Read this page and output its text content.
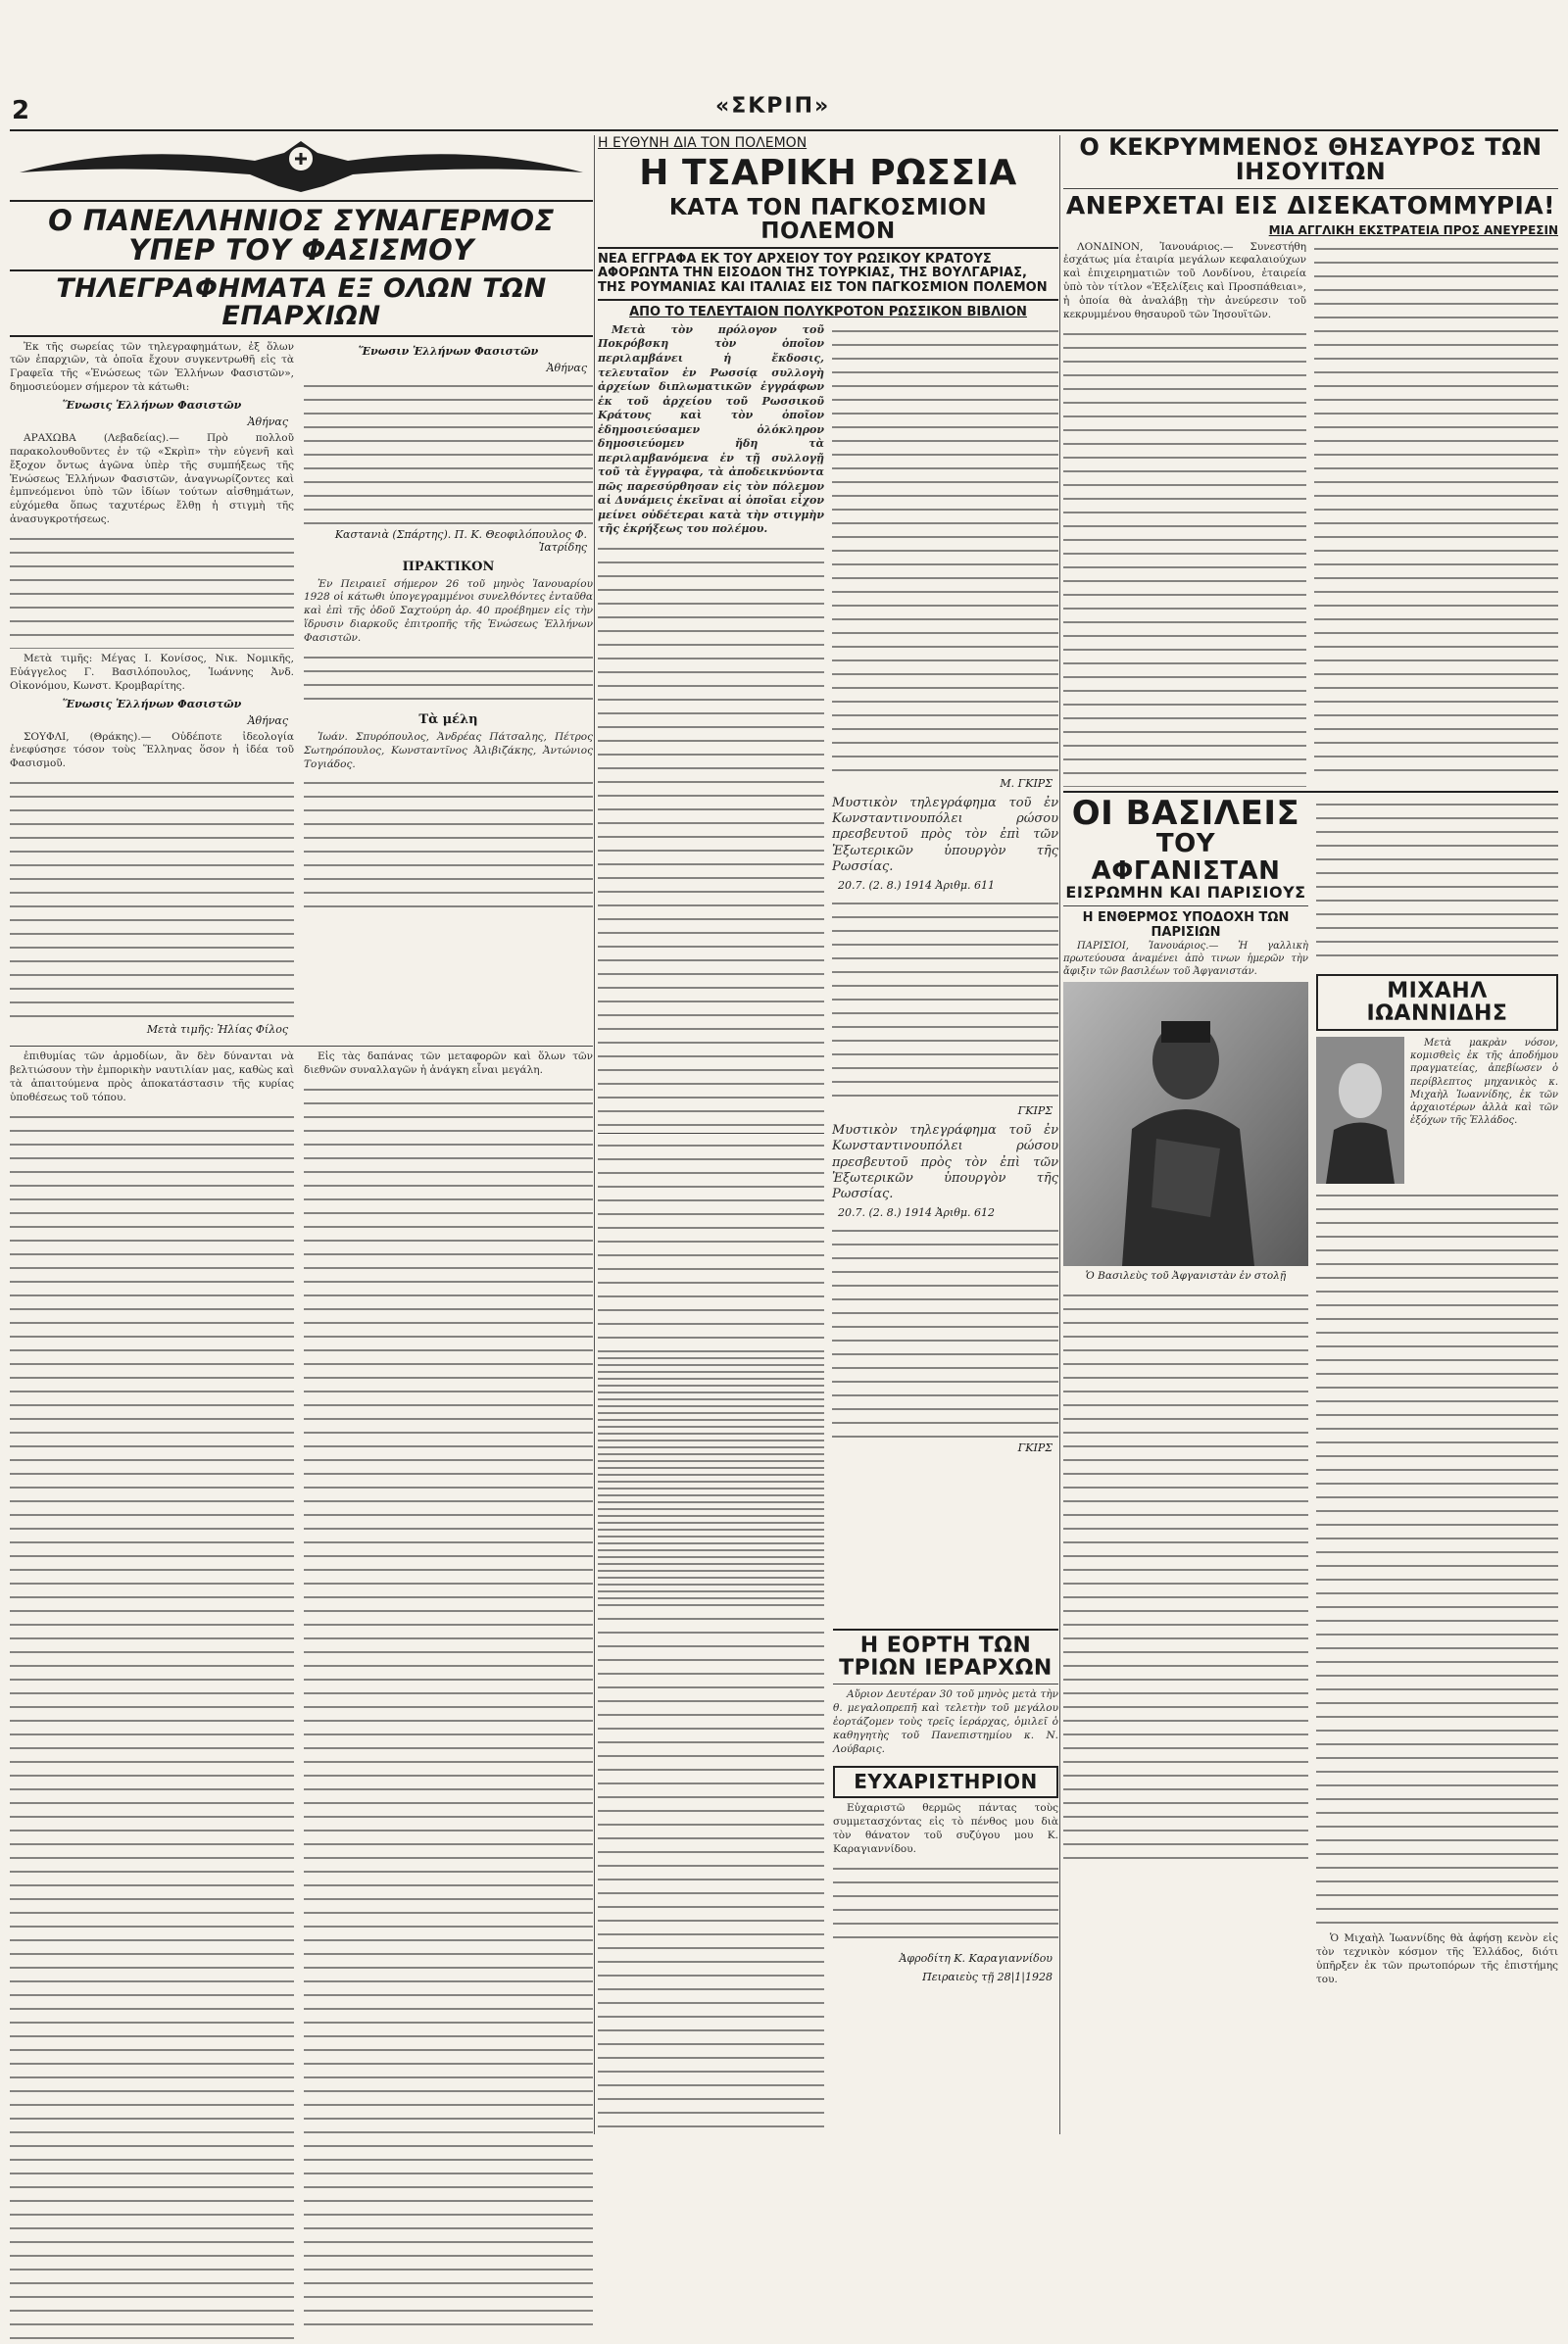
2	«ΣΚΡΙΠ»
Ο ΠΑΝΕΛΛΗΝΙΟΣ ΣΥΝΑΓΕΡΜΟΣ ΥΠΕΡ ΤΟΥ ΦΑΣΙΣΜΟΥ
ΤΗΛΕΓΡΑΦΗΜΑΤΑ ΕΞ ΟΛΩΝ ΤΩΝ ΕΠΑΡΧΙΩΝ

Ἐκ τῆς σωρείας τῶν τηλεγραφημάτων, ἐξ ὅλων τῶν ἐπαρχιῶν, τὰ ὁποῖα ἔχουν συγκεντρωθῆ εἰς τὰ Γραφεῖα τῆς «Ἑνώσεως τῶν Ἑλλήνων Φασιστῶν», δημοσιεύομεν σήμερον τὰ κάτωθι:

Ἕνωσις Ἑλλήνων Φασιστῶν
Ἀθήνας

ΑΡΑΧΩΒΑ (Λεβαδείας).— Πρὸ πολλοῦ παρακολουθοῦντες ἐν τῷ «Σκρὶπ» τὴν εὐγενῆ καὶ ἔξοχον ὄντως ἀγῶνα ὑπὲρ τῆς συμπήξεως τῆς Ἑνώσεως Ἑλλήνων Φασιστῶν, ἀναγνωρίζοντες καὶ ἐμπνεόμενοι ὑπὸ τῶν ἰδίων τούτων αἰσθημάτων, εὐχόμεθα ὅπως ταχυτέρως ἔλθῃ ἡ στιγμὴ τῆς ἀνασυγκροτήσεως.

Μετὰ τιμῆς: Μέγας Ι. Κονίσος, Νικ. Νομικῆς, Εὐάγγελος Γ. Βασιλόπουλος, Ἰωάννης Ἀνδ. Οἰκονόμου, Κωνστ. Κρομβαρίτης.

Ἕνωσις Ἑλλήνων Φασιστῶν
Ἀθήνας

ΣΟΥΦΛΙ, (Θράκης).— Οὐδέποτε ἰδεολογία ἐνεφύσησε τόσον τοὺς Ἕλληνας ὅσον ἡ ἰδέα τοῦ Φασισμοῦ.

Μετὰ τιμῆς: Ἠλίας Φίλος
Ἕνωσιν Ἑλλήνων Φασιστῶν
Ἀθήνας
Καστανιὰ (Σπάρτης). Π. Κ. Θεοφιλόπουλος Φ. Ἰατρίδης
ΠΡΑΚΤΙΚΟΝ

Ἐν Πειραιεῖ σήμερον 26 τοῦ μηνὸς Ἰανουαρίου 1928 οἱ κάτωθι ὑπογεγραμμένοι συνελθόντες ἐνταῦθα καὶ ἐπὶ τῆς ὁδοῦ Σαχτούρη ἀρ. 40 προέβημεν εἰς τὴν ἵδρυσιν διαρκοῦς ἐπιτροπῆς τῆς Ἑνώσεως Ἑλλήνων Φασιστῶν.

Τὰ μέλη

Ἰωάν. Σπυρόπουλος, Ἀνδρέας Πάτσαλης, Πέτρος Σωτηρόπουλος, Κωνσταντῖνος Ἀλιβιζάκης, Ἀντώνιος Τογιάδος.

ἐπιθυμίας τῶν ἁρμοδίων, ἂν δὲν δύνανται νὰ βελτιώσουν τὴν ἐμπορικὴν ναυτιλίαν μας, καθὼς καὶ τὰ ἀπαιτούμενα πρὸς ἀποκατάστασιν τῆς κυρίας ὑποθέσεως τοῦ τόπου.

Εἰς τὰς δαπάνας τῶν μεταφορῶν καὶ ὅλων τῶν διεθνῶν συναλλαγῶν ἡ ἀνάγκη εἶναι μεγάλη.

Η ΕΥΘΥΝΗ ΔΙΑ ΤΟΝ ΠΟΛΕΜΟΝ
Η ΤΣΑΡΙΚΗ ΡΩΣΣΙΑ
ΚΑΤΑ ΤΟΝ ΠΑΓΚΟΣΜΙΟΝ ΠΟΛΕΜΟΝ
ΝΕΑ ΕΓΓΡΑΦΑ ΕΚ ΤΟΥ ΑΡΧΕΙΟΥ ΤΟΥ ΡΩΣΙΚΟΥ ΚΡΑΤΟΥΣ ΑΦΟΡΩΝΤΑ ΤΗΝ ΕΙΣΟΔΟΝ ΤΗΣ ΤΟΥΡΚΙΑΣ, ΤΗΣ ΒΟΥΛΓΑΡΙΑΣ, ΤΗΣ ΡΟΥΜΑΝΙΑΣ ΚΑΙ ΙΤΑΛΙΑΣ ΕΙΣ ΤΟΝ ΠΑΓΚΟΣΜΙΟΝ ΠΟΛΕΜΟΝ
ΑΠΟ ΤΟ ΤΕΛΕΥΤΑΙΟΝ ΠΟΛΥΚΡΟΤΟΝ ΡΩΣΣΙΚΟΝ ΒΙΒΛΙΟΝ

Μετὰ τὸν πρόλογον τοῦ Ποκρόβσκη τὸν ὁποῖον περιλαμβάνει ἡ ἔκδοσις, τελευταῖον ἐν Ρωσσίᾳ συλλογὴ ἀρχείων διπλωματικῶν ἐγγράφων ἐκ τοῦ ἀρχείου τοῦ Ρωσσικοῦ Κράτους καὶ τὸν ὁποῖον ἐδημοσιεύσαμεν ὁλόκληρον δημοσιεύομεν ἤδη τὰ περιλαμβανόμενα ἐν τῇ συλλογῇ τοῦ τὰ ἔγγραφα, τὰ ἀποδεικνύοντα πῶς παρεσύρθησαν εἰς τὸν πόλεμον αἱ Δυνάμεις ἐκεῖναι αἱ ὁποῖαι εἶχον μείνει οὐδέτεραι κατὰ τὴν στιγμὴν τῆς ἐκρήξεως του πολέμου.

Μ. ΓΚΙΡΣ
Μυστικὸν τηλεγράφημα τοῦ ἐν Κωνσταντινουπόλει ρώσου πρεσβευτοῦ πρὸς τὸν ἐπὶ τῶν Ἐξωτερικῶν ὑπουργὸν τῆς Ρωσσίας.
20.7. (2. 8.) 1914 Ἀριθμ. 611
ΓΚΙΡΣ
Μυστικὸν τηλεγράφημα τοῦ ἐν Κωνσταντινουπόλει ρώσου πρεσβευτοῦ πρὸς τὸν ἐπὶ τῶν Ἐξωτερικῶν ὑπουργὸν τῆς Ρωσσίας.
20.7. (2. 8.) 1914 Ἀριθμ. 612
ΓΚΙΡΣ
Η ΕΟΡΤΗ ΤΩΝ ΤΡΙΩΝ ΙΕΡΑΡΧΩΝ

Αὔριον Δευτέραν 30 τοῦ μηνὸς μετὰ τὴν θ. μεγαλοπρεπῆ καὶ τελετὴν τοῦ μεγάλου ἑορτάζομεν τοὺς τρεῖς ἱεράρχας, ὁμιλεῖ ὁ καθηγητὴς τοῦ Πανεπιστημίου κ. Ν. Λούβαρις.

ΕΥΧΑΡΙΣΤΗΡΙΟΝ

Εὐχαριστῶ θερμῶς πάντας τοὺς συμμετασχόντας εἰς τὸ πένθος μου διὰ τὸν θάνατον τοῦ συζύγου μου Κ. Καραγιαννίδου.

Ἀφροδίτη Κ. Καραγιαννίδου
Πειραιεὺς τῇ 28|1|1928
Ο ΚΕΚΡΥΜΜΕΝΟΣ ΘΗΣΑΥΡΟΣ ΤΩΝ ΙΗΣΟΥΙΤΩΝ
ΑΝΕΡΧΕΤΑΙ ΕΙΣ ΔΙΣΕΚΑΤΟΜΜΥΡΙΑ!
ΜΙΑ ΑΓΓΛΙΚΗ ΕΚΣΤΡΑΤΕΙΑ ΠΡΟΣ ΑΝΕΥΡΕΣΙΝ

ΛΟΝΔΙΝΟΝ, Ἰανουάριος.— Συνεστήθη ἐσχάτως μία ἑταιρία μεγάλων κεφαλαιούχων καὶ ἐπιχειρηματιῶν τοῦ Λονδίνου, ἐταιρεία ὑπὸ τὸν τίτλον «Ἐξελίξεις καὶ Προσπάθειαι», ἡ ὁποία θὰ ἀναλάβῃ τὴν ἀνεύρεσιν τοῦ κεκρυμμένου θησαυροῦ τῶν Ἰησουϊτῶν.

ΟΙ ΒΑΣΙΛΕΙΣ
ΤΟΥ ΑΦΓΑΝΙΣΤΑΝ
ΕΙΣΡΩΜΗΝ ΚΑΙ ΠΑΡΙΣΙΟΥΣ
Η ΕΝΘΕΡΜΟΣ ΥΠΟΔΟΧΗ ΤΩΝ ΠΑΡΙΣΙΩΝ

ΠΑΡΙΣΙΟΙ, Ἰανουάριος.— Ἡ γαλλικὴ πρωτεύουσα ἀναμένει ἀπὸ τινων ἡμερῶν τὴν ἄφιξιν τῶν βασιλέων τοῦ Ἀφγανιστάν.

Ὁ Βασιλεὺς τοῦ Ἀφγανιστὰν ἐν στολῇ
ΜΙΧΑΗΛ ΙΩΑΝΝΙΔΗΣ

Μετὰ μακρὰν νόσον, κομισθεὶς ἐκ τῆς ἀποδήμου πραγματείας, ἀπεβίωσεν ὁ περίβλεπτος μηχανικὸς κ. Μιχαὴλ Ἰωαννίδης, ἐκ τῶν ἀρχαιοτέρων ἀλλὰ καὶ τῶν ἐξόχων τῆς Ἑλλάδος.

Ὁ Μιχαὴλ Ἰωαννίδης θὰ ἀφήσῃ κενὸν εἰς τὸν τεχνικὸν κόσμον τῆς Ἑλλάδος, διότι ὑπῆρξεν ἐκ τῶν πρωτοπόρων τῆς ἐπιστήμης του.
